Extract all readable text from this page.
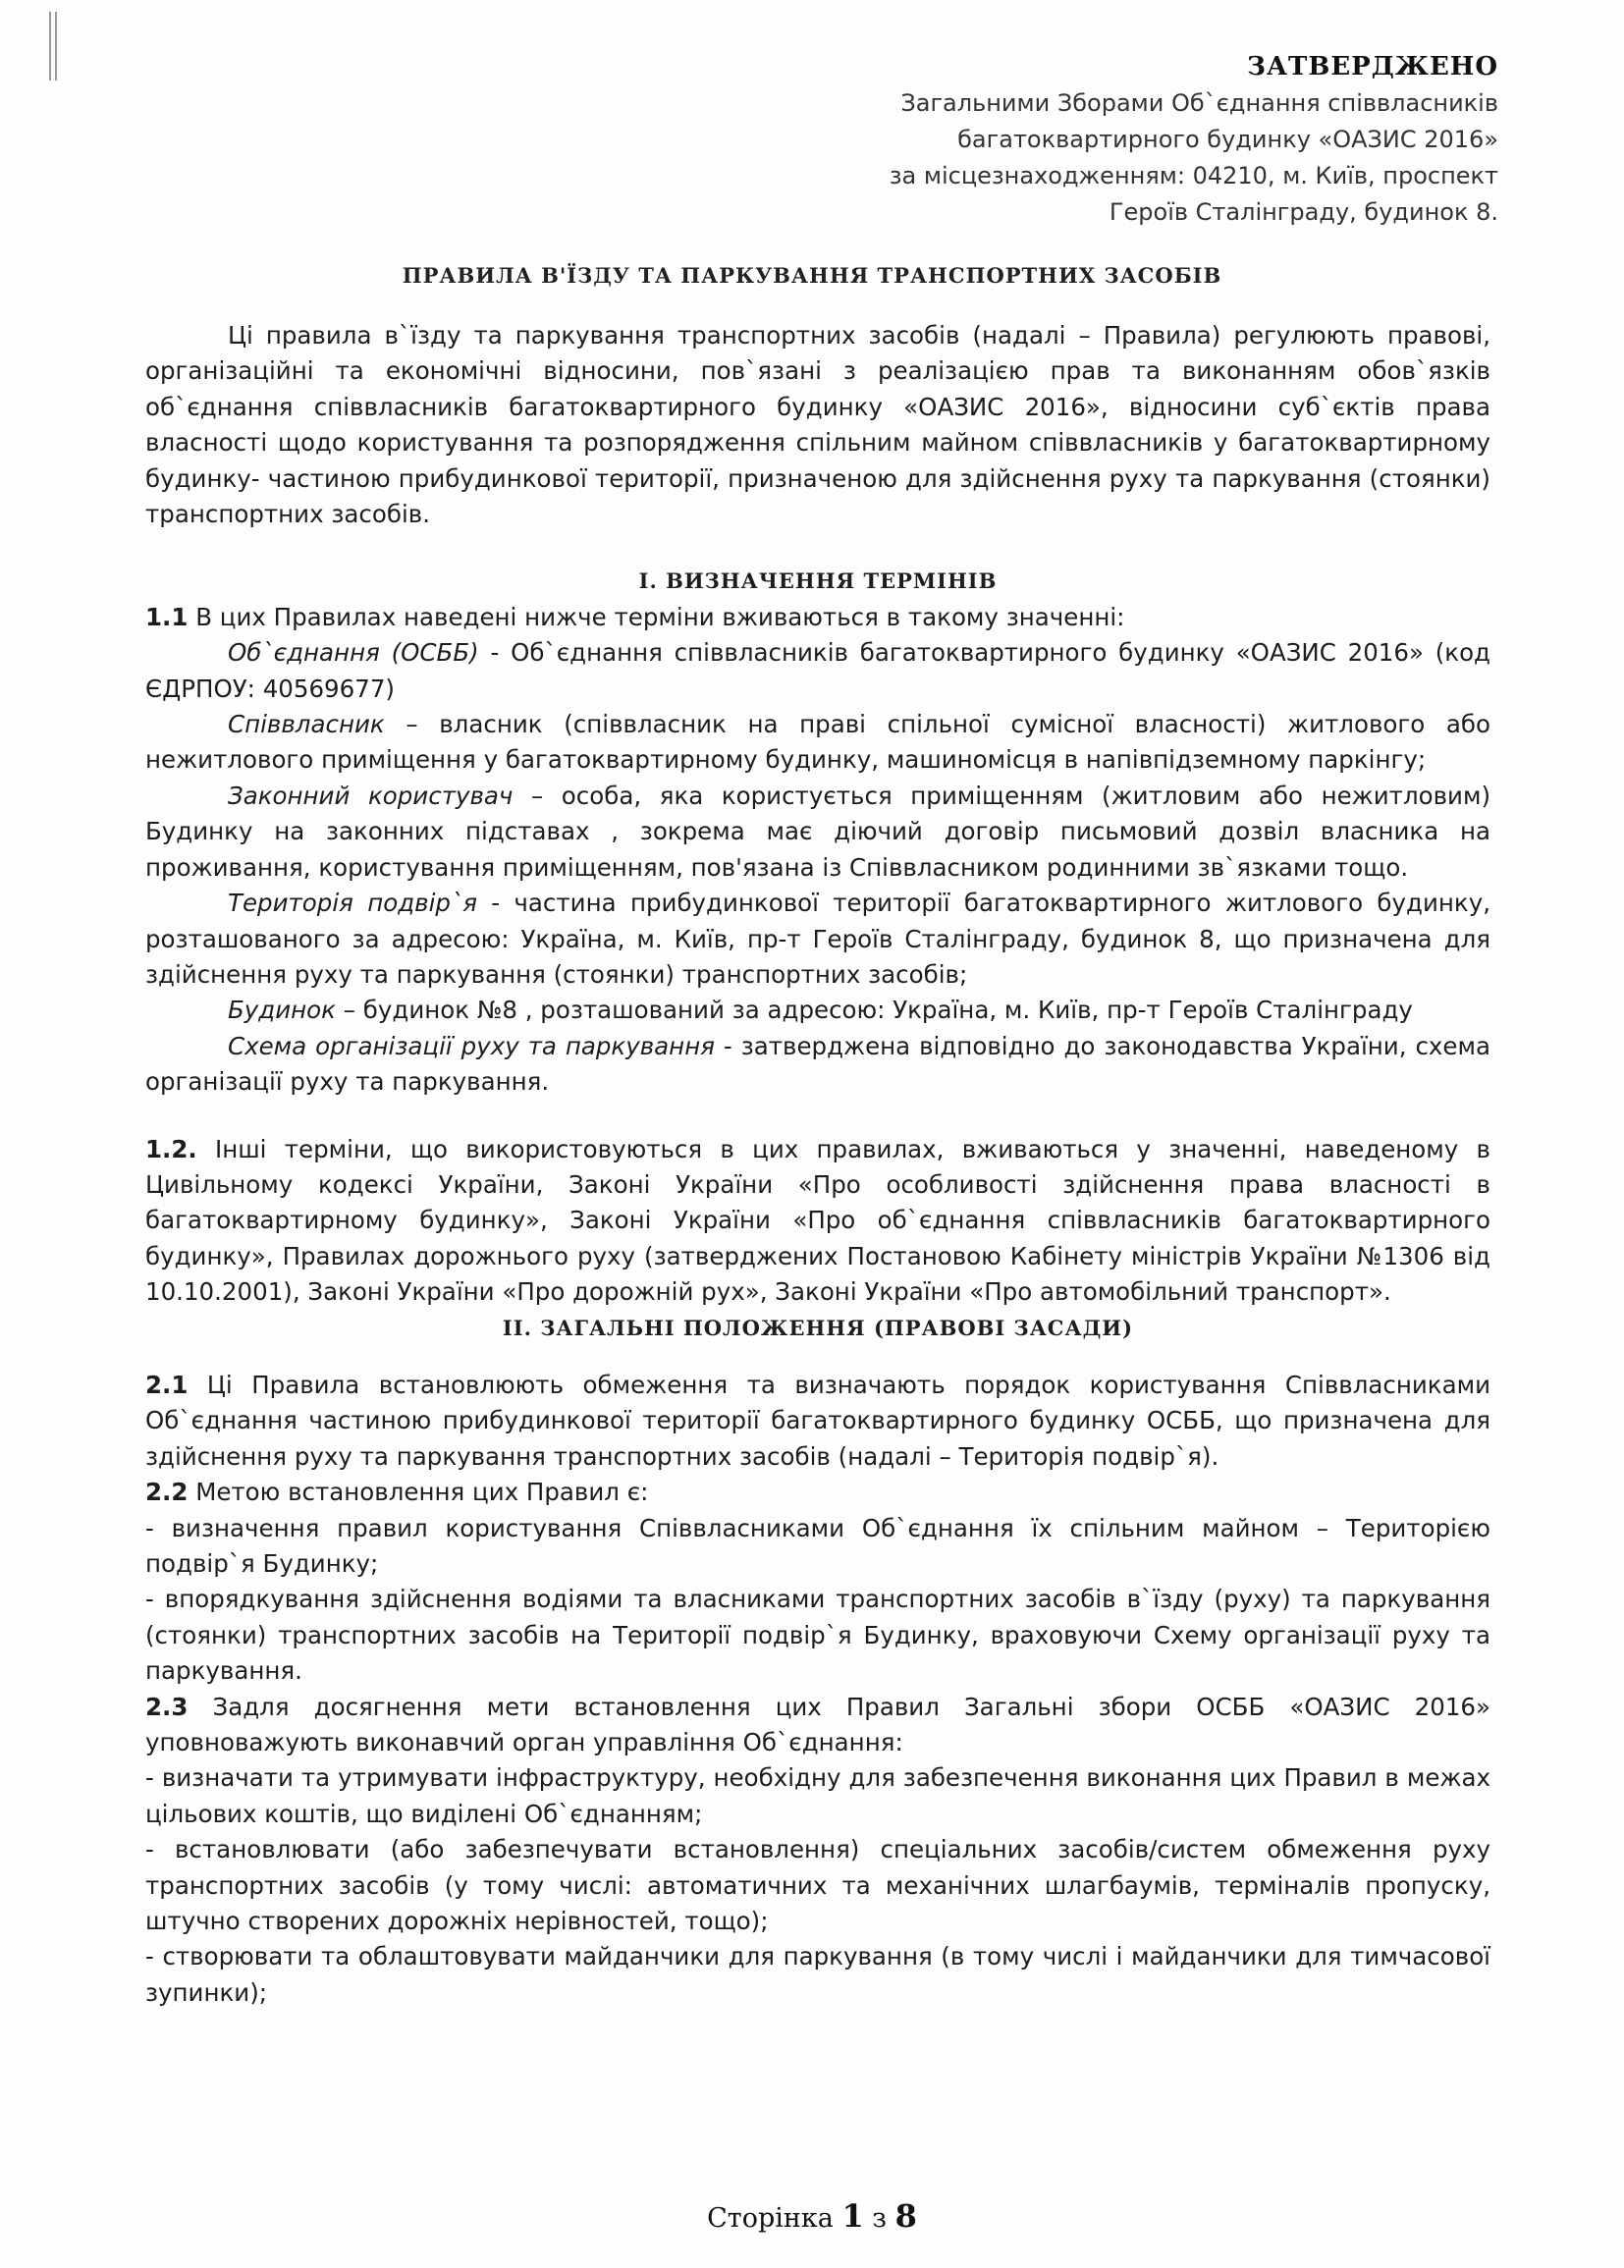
ЗАТВЕРДЖЕНО
Загальними Зборами Об`єднання співвласників
багатоквартирного будинку «ОАЗИС 2016»
за місцезнаходженням: 04210, м. Київ, проспект
Героїв Сталінграду, будинок 8.
ПРАВИЛА В'ЇЗДУ ТА ПАРКУВАННЯ ТРАНСПОРТНИХ ЗАСОБІВ

Ці правила в`їзду та паркування транспортних засобів (надалі – Правила) регулюють правові, організаційні та економічні відносини, пов`язані з реалізацією прав та виконанням обов`язків об`єднання співвласників багатоквартирного будинку «ОАЗИС 2016», відносини суб`єктів права власності щодо користування та розпорядження спільним майном співвласників у багатоквартирному будинку- частиною прибудинкової території, призначеною для здійснення руху та паркування (стоянки) транспортних засобів.

І. ВИЗНАЧЕННЯ ТЕРМІНІВ

1.1 В цих Правилах наведені нижче терміни вживаються в такому значенні:

Об`єднання (ОСББ) - Об`єднання співвласників багатоквартирного будинку «ОАЗИС 2016» (код ЄДРПОУ: 40569677)

Співвласник – власник (співвласник на праві спільної сумісної власності) житлового або нежитлового приміщення у багатоквартирному будинку, машиномісця в напівпідземному паркінгу;

Законний користувач – особа, яка користується приміщенням (житловим або нежитловим) Будинку на законних підставах , зокрема має діючий договір письмовий дозвіл власника на проживання, користування приміщенням, пов'язана із Співвласником родинними зв`язками тощо.

Територія подвір`я - частина прибудинкової території багатоквартирного житлового будинку, розташованого за адресою: Україна, м. Київ, пр-т Героїв Сталінграду, будинок 8, що призначена для здійснення руху та паркування (стоянки) транспортних засобів;

Будинок – будинок №8 , розташований за адресою: Україна, м. Київ, пр-т Героїв Сталінграду

Схема організації руху та паркування - затверджена відповідно до законодавства України, схема організації руху та паркування.

1.2. Інші терміни, що використовуються в цих правилах, вживаються у значенні, наведеному в Цивільному кодексі України, Законі України «Про особливості здійснення права власності в багатоквартирному будинку», Законі України «Про об`єднання співвласників багатоквартирного будинку», Правилах дорожнього руху (затверджених Постановою Кабінету міністрів України №1306 від 10.10.2001), Законі України «Про дорожній рух», Законі України «Про автомобільний транспорт».

ІІ. ЗАГАЛЬНІ ПОЛОЖЕННЯ (ПРАВОВІ ЗАСАДИ)

2.1 Ці Правила встановлюють обмеження та визначають порядок користування Співвласниками Об`єднання частиною прибудинкової території багатоквартирного будинку ОСББ, що призначена для здійснення руху та паркування транспортних засобів (надалі – Територія подвір`я).

2.2 Метою встановлення цих Правил є:

- визначення правил користування Співвласниками Об`єднання їх спільним майном – Територією подвір`я Будинку;

- впорядкування здійснення водіями та власниками транспортних засобів в`їзду (руху) та паркування (стоянки) транспортних засобів на Території подвір`я Будинку, враховуючи Схему організації руху та паркування.

2.3 Задля досягнення мети встановлення цих Правил Загальні збори ОСББ «ОАЗИС 2016» уповноважують виконавчий орган управління Об`єднання:

- визначати та утримувати інфраструктуру, необхідну для забезпечення виконання цих Правил в межах цільових коштів, що виділені Об`єднанням;

- встановлювати (або забезпечувати встановлення) спеціальних засобів/систем обмеження руху транспортних засобів (у тому числі: автоматичних та механічних шлагбаумів, терміналів пропуску, штучно створених дорожніх нерівностей, тощо);

- створювати та облаштовувати майданчики для паркування (в тому числі і майданчики для тимчасової зупинки);

Сторінка 1 з 8
